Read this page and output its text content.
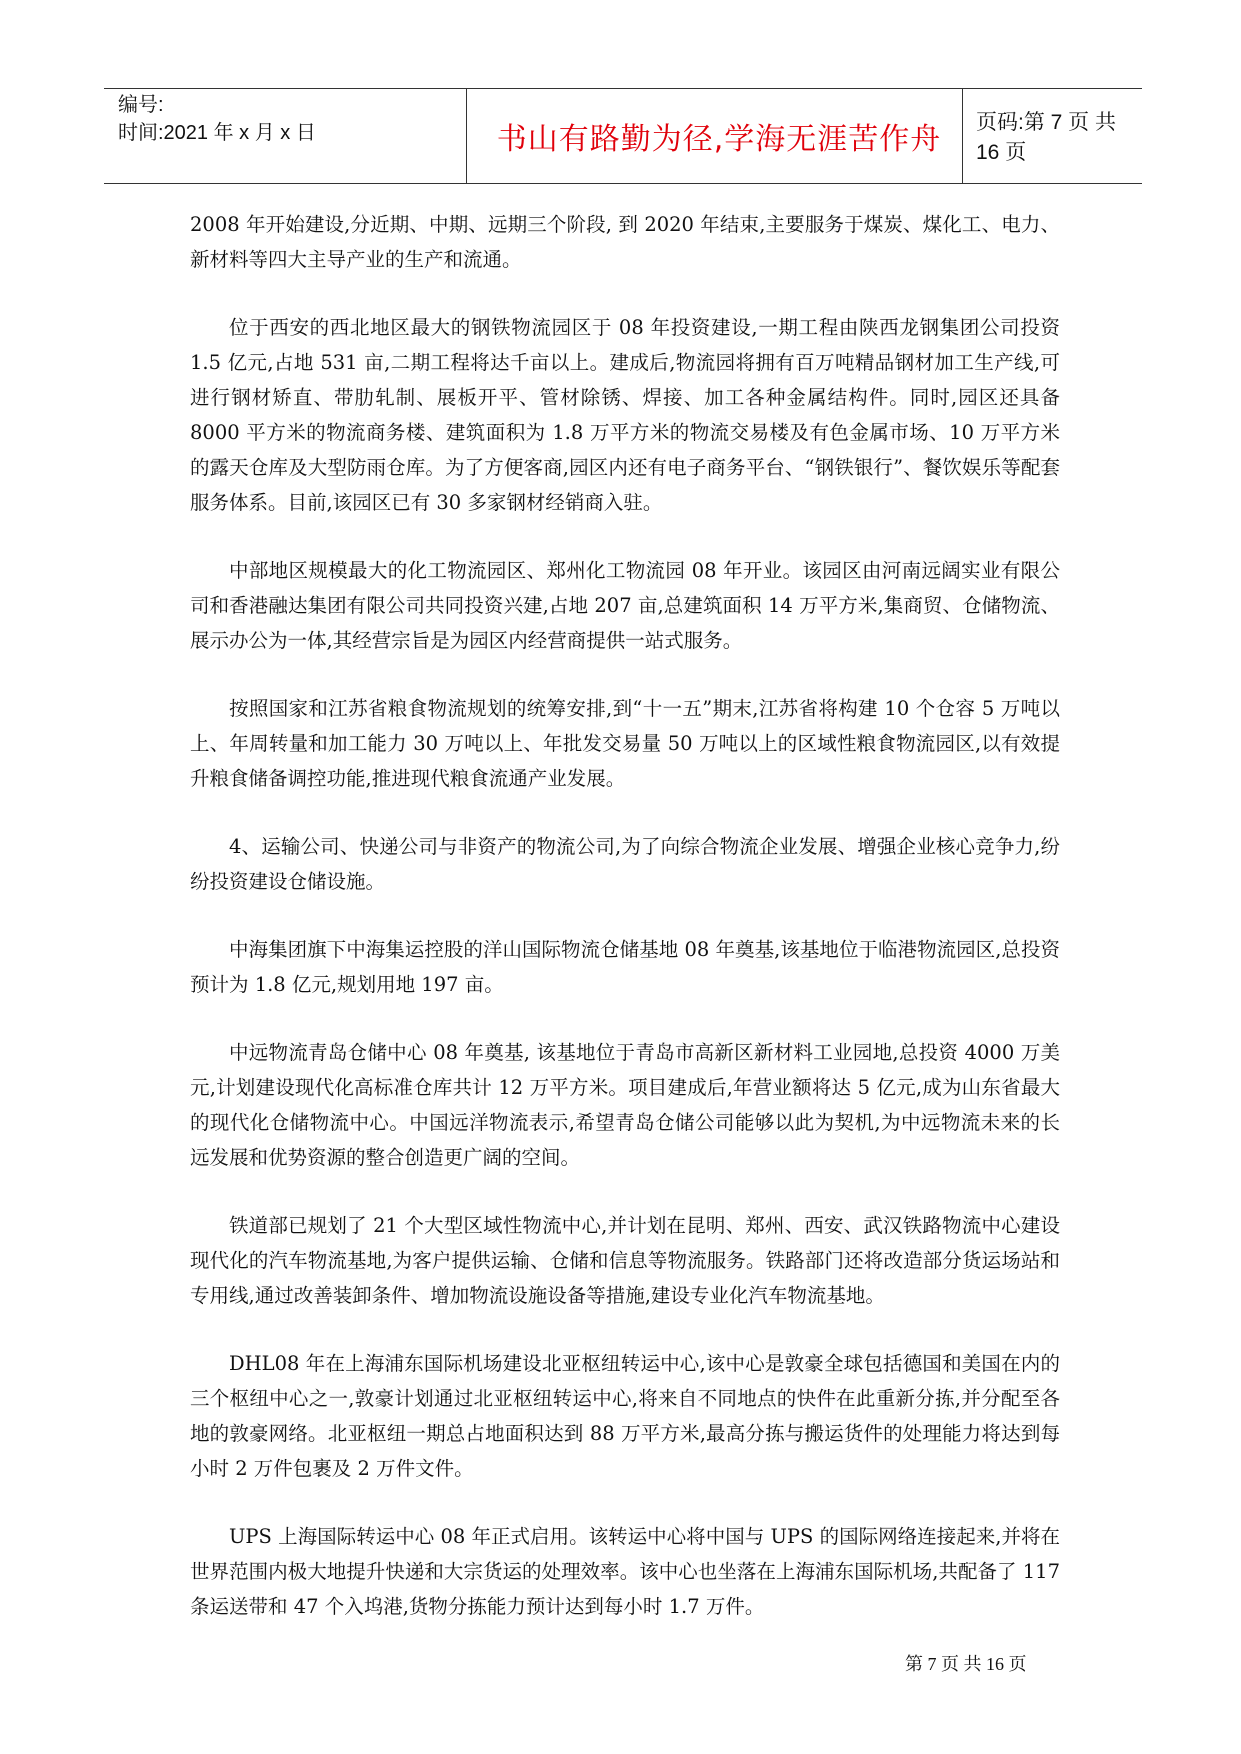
编号:
时间:2021 年 x 月 x 日	书山有路勤为径,学海无涯苦作舟	页码:第 7 页 共 16 页

2008 年开始建设,分近期、中期、远期三个阶段, 到 2020 年结束,主要服务于煤炭、煤化工、电力、新材料等四大主导产业的生产和流通。

位于西安的西北地区最大的钢铁物流园区于 08 年投资建设,一期工程由陕西龙钢集团公司投资 1.5 亿元,占地 531 亩,二期工程将达千亩以上。建成后,物流园将拥有百万吨精品钢材加工生产线,可进行钢材矫直、带肋轧制、展板开平、管材除锈、焊接、加工各种金属结构件。同时,园区还具备 8000 平方米的物流商务楼、建筑面积为 1.8 万平方米的物流交易楼及有色金属市场、10 万平方米的露天仓库及大型防雨仓库。为了方便客商,园区内还有电子商务平台、“钢铁银行”、餐饮娱乐等配套服务体系。目前,该园区已有 30 多家钢材经销商入驻。

中部地区规模最大的化工物流园区、郑州化工物流园 08 年开业。该园区由河南远阔实业有限公司和香港融达集团有限公司共同投资兴建,占地 207 亩,总建筑面积 14 万平方米,集商贸、仓储物流、展示办公为一体,其经营宗旨是为园区内经营商提供一站式服务。

按照国家和江苏省粮食物流规划的统筹安排,到“十一五”期末,江苏省将构建 10 个仓容 5 万吨以上、年周转量和加工能力 30 万吨以上、年批发交易量 50 万吨以上的区域性粮食物流园区,以有效提升粮食储备调控功能,推进现代粮食流通产业发展。

4、运输公司、快递公司与非资产的物流公司,为了向综合物流企业发展、增强企业核心竞争力,纷纷投资建设仓储设施。

中海集团旗下中海集运控股的洋山国际物流仓储基地 08 年奠基,该基地位于临港物流园区,总投资预计为 1.8 亿元,规划用地 197 亩。

中远物流青岛仓储中心 08 年奠基, 该基地位于青岛市高新区新材料工业园地,总投资 4000 万美元,计划建设现代化高标准仓库共计 12 万平方米。项目建成后,年营业额将达 5 亿元,成为山东省最大的现代化仓储物流中心。中国远洋物流表示,希望青岛仓储公司能够以此为契机,为中远物流未来的长远发展和优势资源的整合创造更广阔的空间。

铁道部已规划了 21 个大型区域性物流中心,并计划在昆明、郑州、西安、武汉铁路物流中心建设现代化的汽车物流基地,为客户提供运输、仓储和信息等物流服务。铁路部门还将改造部分货运场站和专用线,通过改善装卸条件、增加物流设施设备等措施,建设专业化汽车物流基地。

DHL08 年在上海浦东国际机场建设北亚枢纽转运中心,该中心是敦豪全球包括德国和美国在内的三个枢纽中心之一,敦豪计划通过北亚枢纽转运中心,将来自不同地点的快件在此重新分拣,并分配至各地的敦豪网络。北亚枢纽一期总占地面积达到 88 万平方米,最高分拣与搬运货件的处理能力将达到每小时 2 万件包裹及 2 万件文件。

UPS 上海国际转运中心 08 年正式启用。该转运中心将中国与 UPS 的国际网络连接起来,并将在世界范围内极大地提升快递和大宗货运的处理效率。该中心也坐落在上海浦东国际机场,共配备了 117 条运送带和 47 个入坞港,货物分拣能力预计达到每小时 1.7 万件。

第 7 页 共 16 页
